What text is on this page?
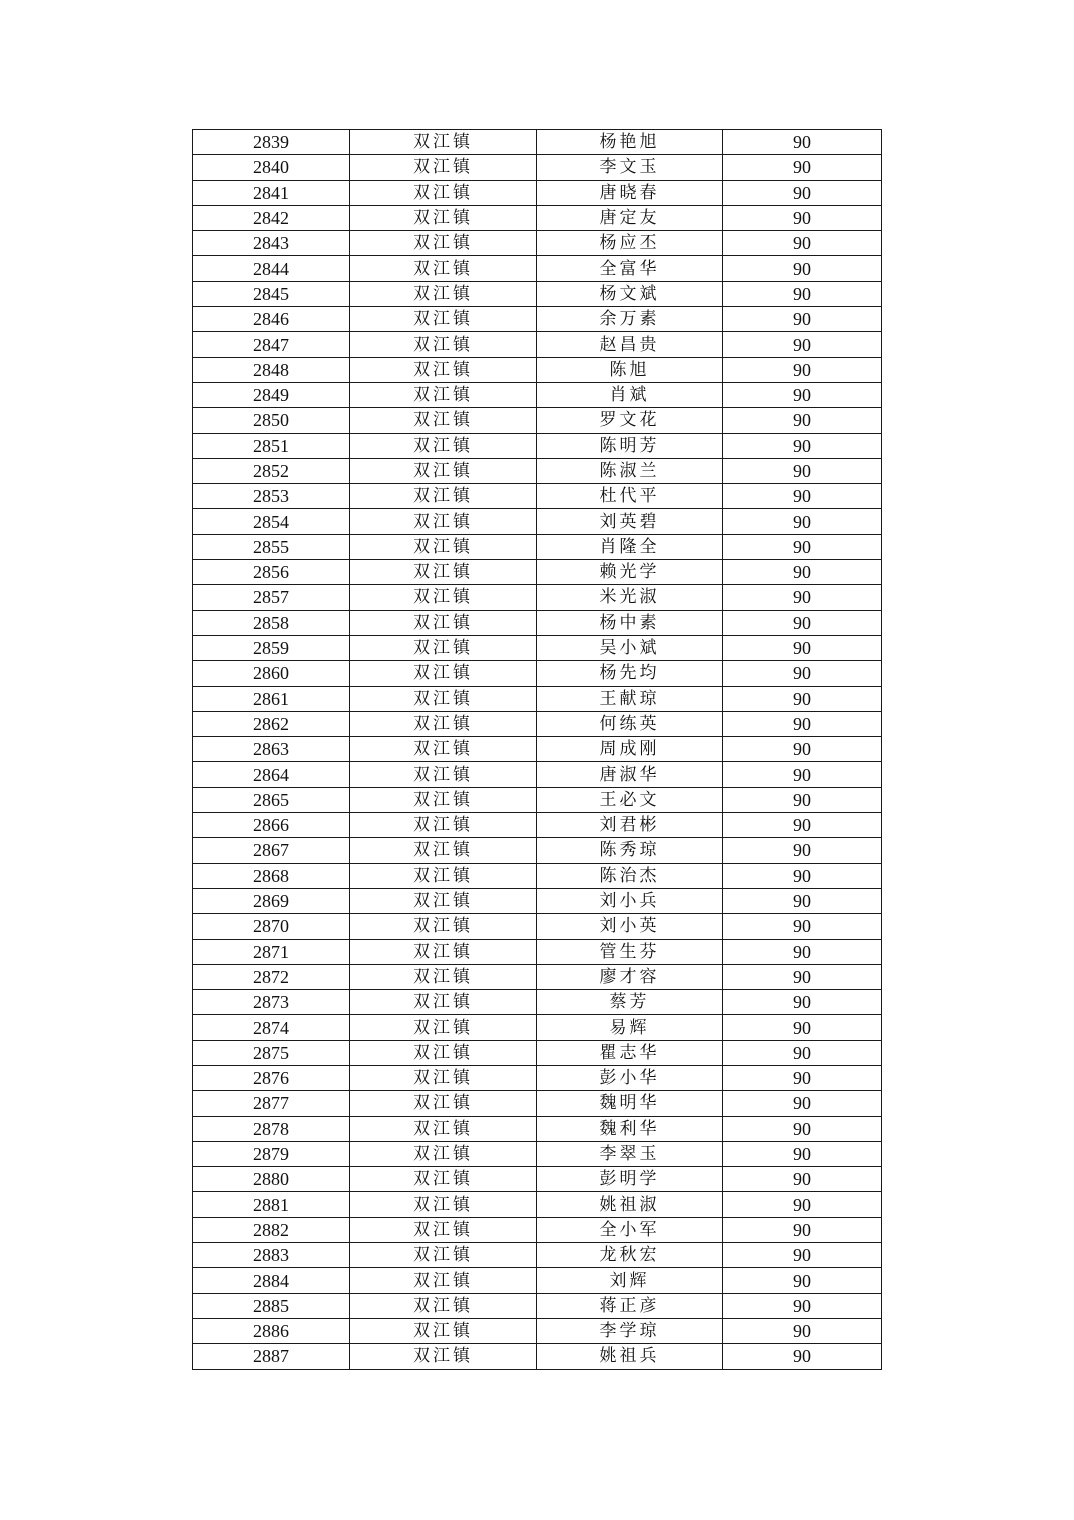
2839	双江镇	杨艳旭	90
2840	双江镇	李文玉	90
2841	双江镇	唐晓春	90
2842	双江镇	唐定友	90
2843	双江镇	杨应丕	90
2844	双江镇	全富华	90
2845	双江镇	杨文斌	90
2846	双江镇	余万素	90
2847	双江镇	赵昌贵	90
2848	双江镇	陈旭	90
2849	双江镇	肖斌	90
2850	双江镇	罗文花	90
2851	双江镇	陈明芳	90
2852	双江镇	陈淑兰	90
2853	双江镇	杜代平	90
2854	双江镇	刘英碧	90
2855	双江镇	肖隆全	90
2856	双江镇	赖光学	90
2857	双江镇	米光淑	90
2858	双江镇	杨中素	90
2859	双江镇	吴小斌	90
2860	双江镇	杨先均	90
2861	双江镇	王献琼	90
2862	双江镇	何练英	90
2863	双江镇	周成刚	90
2864	双江镇	唐淑华	90
2865	双江镇	王必文	90
2866	双江镇	刘君彬	90
2867	双江镇	陈秀琼	90
2868	双江镇	陈治杰	90
2869	双江镇	刘小兵	90
2870	双江镇	刘小英	90
2871	双江镇	管生芬	90
2872	双江镇	廖才容	90
2873	双江镇	蔡芳	90
2874	双江镇	易辉	90
2875	双江镇	瞿志华	90
2876	双江镇	彭小华	90
2877	双江镇	魏明华	90
2878	双江镇	魏利华	90
2879	双江镇	李翠玉	90
2880	双江镇	彭明学	90
2881	双江镇	姚祖淑	90
2882	双江镇	全小军	90
2883	双江镇	龙秋宏	90
2884	双江镇	刘辉	90
2885	双江镇	蒋正彦	90
2886	双江镇	李学琼	90
2887	双江镇	姚祖兵	90
